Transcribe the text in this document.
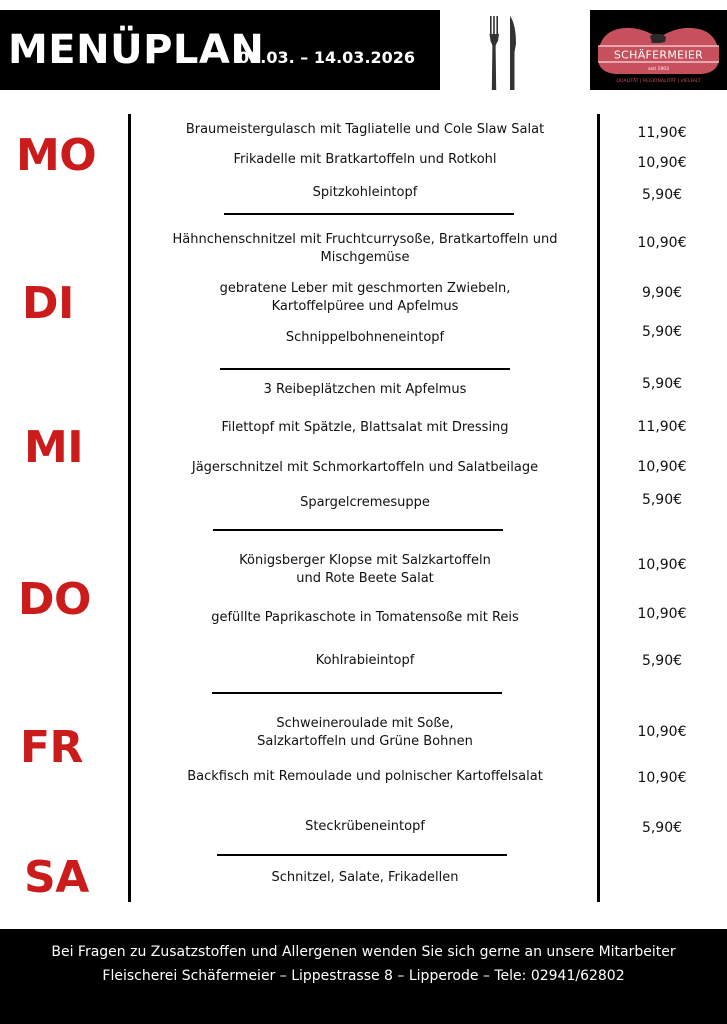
MENÜPLAN
09.03. – 14.03.2026	SCHÄFERMEIER
seit 1903
QUALITÄT | REGIONALITÄT | VIELFALT
MO
DI
MI
DO
FR
SA
Braumeistergulasch mit Tagliatelle und Cole Slaw Salat	11,90€
Frikadelle mit Bratkartoffeln und Rotkohl	10,90€
Spitzkohleintopf	5,90€
Hähnchenschnitzel mit Fruchtcurrysoße, Bratkartoffeln und
Mischgemüse
10,90€
gebratene Leber mit geschmorten Zwiebeln,
Kartoffelpüree und Apfelmus
9,90€
Schnippelbohneneintopf	5,90€
3 Reibeplätzchen mit Apfelmus	5,90€
Filettopf mit Spätzle, Blattsalat mit Dressing	11,90€
Jägerschnitzel mit Schmorkartoffeln und Salatbeilage	10,90€
Spargelcremesuppe	5,90€
Königsberger Klopse mit Salzkartoffeln
und Rote Beete Salat
10,90€
gefüllte Paprikaschote in Tomatensoße mit Reis	10,90€
Kohlrabieintopf	5,90€
Schweineroulade mit Soße,
Salzkartoffeln und Grüne Bohnen
10,90€
Backfisch mit Remoulade und polnischer Kartoffelsalat	10,90€
Steckrübeneintopf	5,90€
Schnitzel, Salate, Frikadellen
Bei Fragen zu Zusatzstoffen und Allergenen wenden Sie sich gerne an unsere Mitarbeiter
Fleischerei Schäfermeier – Lippestrasse 8 – Lipperode – Tele: 02941/62802
